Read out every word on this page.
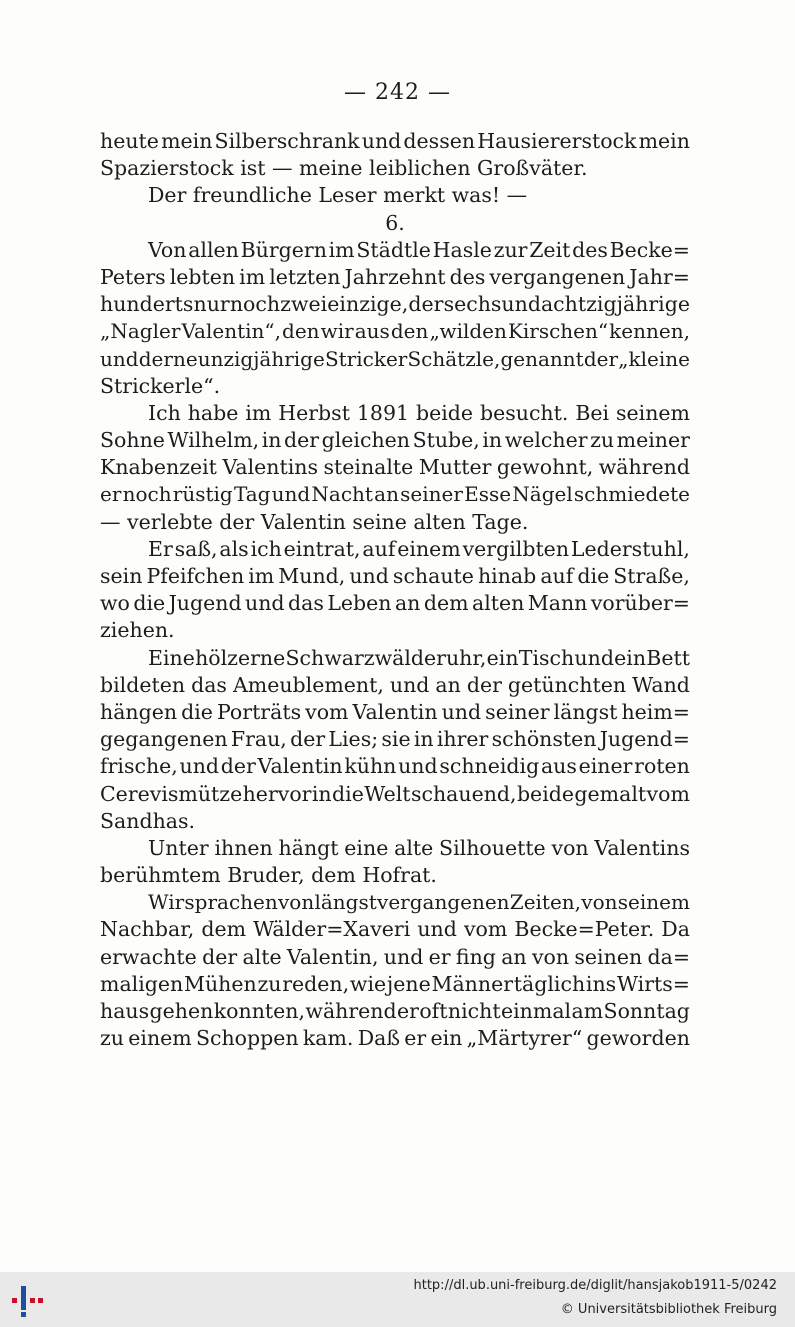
— 242 —
heute mein Silberschrank und dessen Hausiererstock mein
Spazierstock ist — meine leiblichen Großväter.
Der freundliche Leser merkt was! —
6.
Von allen Bürgern im Städtle Hasle zur Zeit des Becke=
Peters lebten im letzten Jahrzehnt des vergangenen Jahr=
hunderts nur noch zwei einzige, der sechsundachtzigjährige
„Nagler Valentin“, den wir aus den „wilden Kirschen“ kennen,
und der neunzigjährige Stricker Schätzle, genannt der „kleine
Strickerle“.
Ich habe im Herbst 1891 beide besucht. Bei seinem
Sohne Wilhelm, in der gleichen Stube, in welcher zu meiner
Knabenzeit Valentins steinalte Mutter gewohnt, während
er noch rüstig Tag und Nacht an seiner Esse Nägel schmiedete
— verlebte der Valentin seine alten Tage.
Er saß, als ich eintrat, auf einem vergilbten Lederstuhl,
sein Pfeifchen im Mund, und schaute hinab auf die Straße,
wo die Jugend und das Leben an dem alten Mann vorüber=
ziehen.
Eine hölzerne Schwarzwälderuhr, ein Tisch und ein Bett
bildeten das Ameublement, und an der getünchten Wand
hängen die Porträts vom Valentin und seiner längst heim=
gegangenen Frau, der Lies; sie in ihrer schönsten Jugend=
frische, und der Valentin kühn und schneidig aus einer roten
Cerevismütze hervor in die Welt schauend, beide gemalt vom
Sandhas.
Unter ihnen hängt eine alte Silhouette von Valentins
berühmtem Bruder, dem Hofrat.
Wir sprachen von längst vergangenen Zeiten, von seinem
Nachbar, dem Wälder=Xaveri und vom Becke=Peter. Da
erwachte der alte Valentin, und er fing an von seinen da=
maligen Mühen zu reden, wie jene Männer täglich ins Wirts=
haus gehen konnten, während er oft nicht einmal am Sonntag
zu einem Schoppen kam. Daß er ein „Märtyrer“ geworden
http://dl.ub.uni-freiburg.de/diglit/hansjakob1911-5/0242
© Universitätsbibliothek Freiburg
